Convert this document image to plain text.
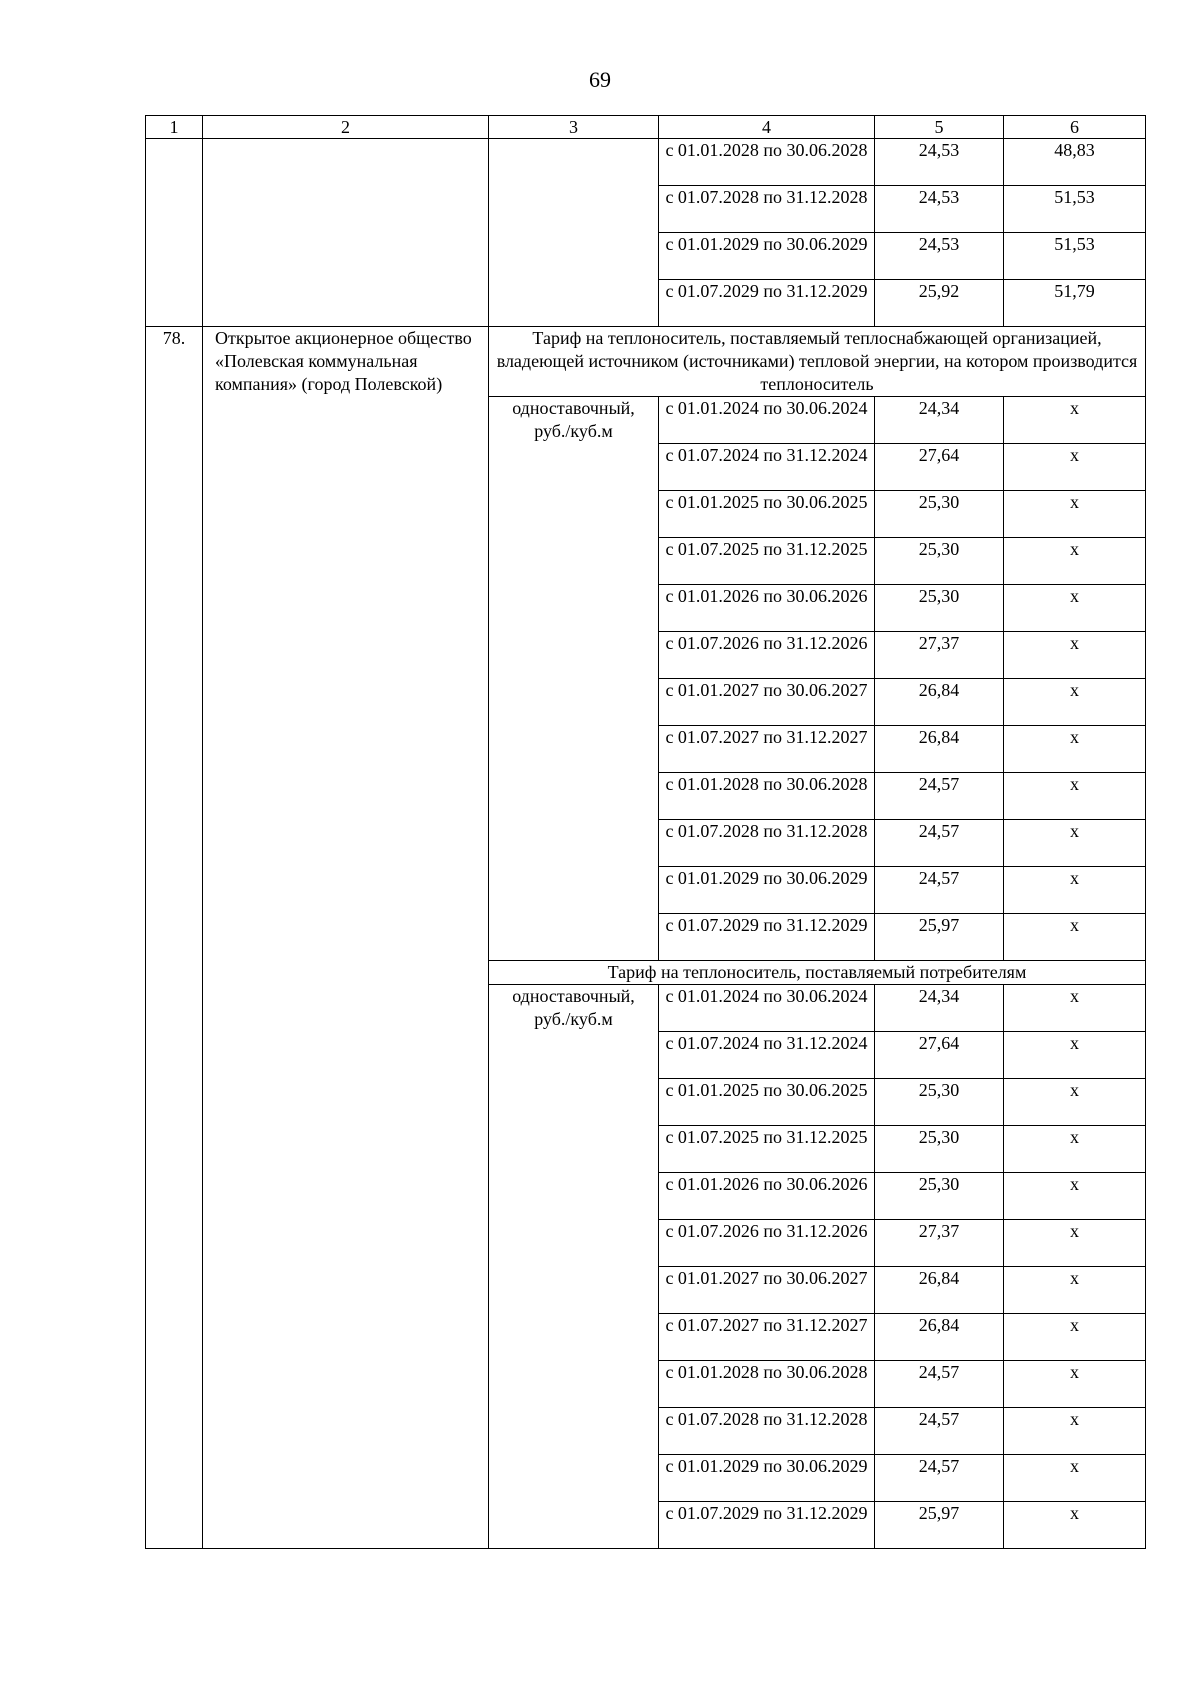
69
1	2	3	4	5	6
			с 01.01.2028 по 30.06.2028	24,53	48,83
			с 01.07.2028 по 31.12.2028	24,53	51,53
			с 01.01.2029 по 30.06.2029	24,53	51,53
			с 01.07.2029 по 31.12.2029	25,92	51,79
78.	Открытое акционерное общество «Полевская коммунальная компания» (город Полевской)	Тариф на теплоноситель, поставляемый теплоснабжающей организацией, владеющей источником (источниками) тепловой энергии, на котором производится теплоноситель			
		одноставочный, руб./куб.м	с 01.01.2024 по 30.06.2024	24,34	х
			с 01.07.2024 по 31.12.2024	27,64	х
			с 01.01.2025 по 30.06.2025	25,30	х
			с 01.07.2025 по 31.12.2025	25,30	х
			с 01.01.2026 по 30.06.2026	25,30	х
			с 01.07.2026 по 31.12.2026	27,37	х
			с 01.01.2027 по 30.06.2027	26,84	х
			с 01.07.2027 по 31.12.2027	26,84	х
			с 01.01.2028 по 30.06.2028	24,57	х
			с 01.07.2028 по 31.12.2028	24,57	х
			с 01.01.2029 по 30.06.2029	24,57	х
			с 01.07.2029 по 31.12.2029	25,97	х
		Тариф на теплоноситель, поставляемый потребителям			
		одноставочный, руб./куб.м	с 01.01.2024 по 30.06.2024	24,34	х
			с 01.07.2024 по 31.12.2024	27,64	х
			с 01.01.2025 по 30.06.2025	25,30	х
			с 01.07.2025 по 31.12.2025	25,30	х
			с 01.01.2026 по 30.06.2026	25,30	х
			с 01.07.2026 по 31.12.2026	27,37	х
			с 01.01.2027 по 30.06.2027	26,84	х
			с 01.07.2027 по 31.12.2027	26,84	х
			с 01.01.2028 по 30.06.2028	24,57	х
			с 01.07.2028 по 31.12.2028	24,57	х
			с 01.01.2029 по 30.06.2029	24,57	х
			с 01.07.2029 по 31.12.2029	25,97	х
